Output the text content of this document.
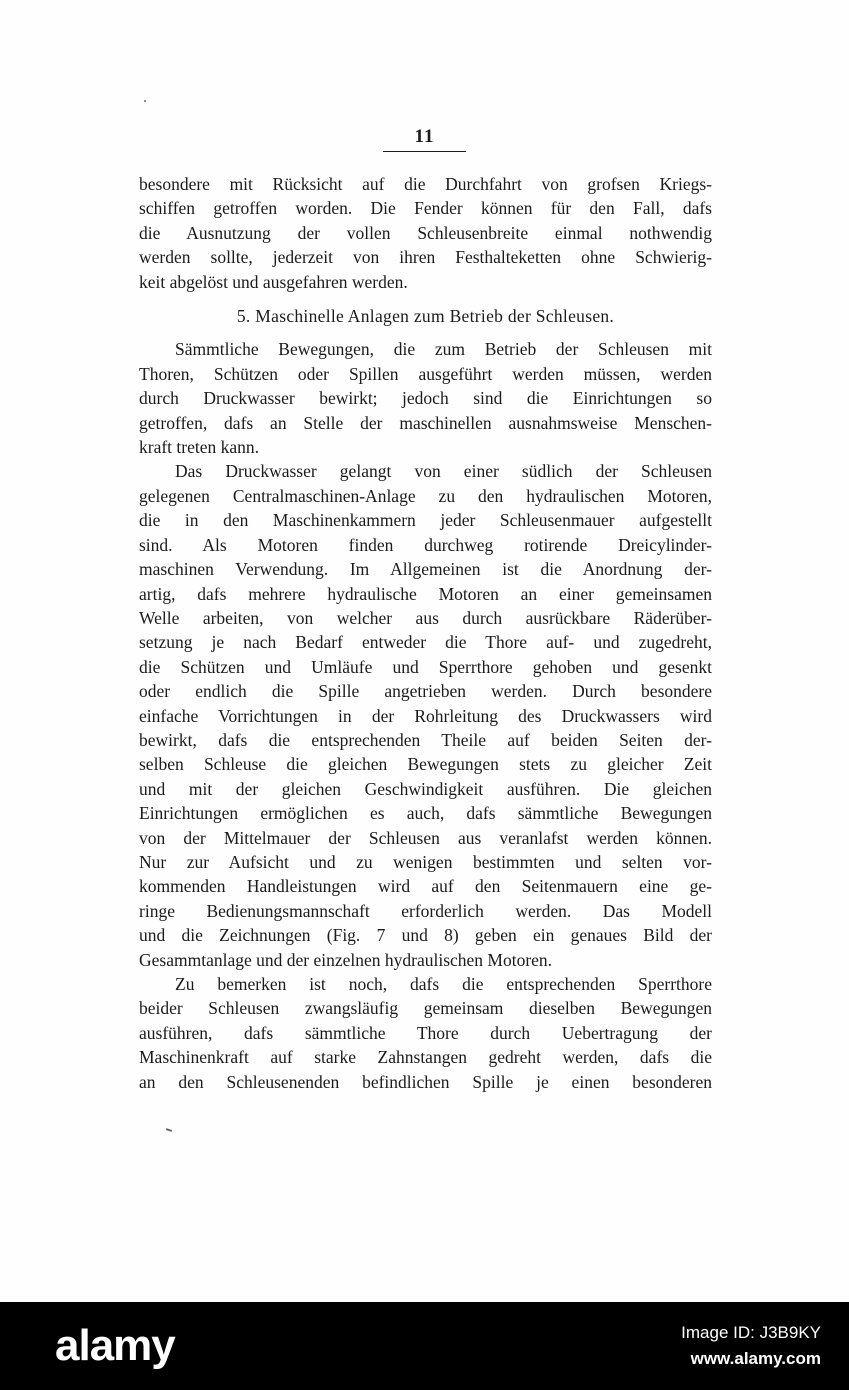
11
besondere mit Rücksicht auf die Durchfahrt von grofsen Kriegs-
schiffen getroffen worden. Die Fender können für den Fall, dafs
die Ausnutzung der vollen Schleusenbreite einmal nothwendig
werden sollte, jederzeit von ihren Festhalteketten ohne Schwierig-
keit abgelöst und ausgefahren werden.
5. Maschinelle Anlagen zum Betrieb der Schleusen.
Sämmtliche Bewegungen, die zum Betrieb der Schleusen mit
Thoren, Schützen oder Spillen ausgeführt werden müssen, werden
durch Druckwasser bewirkt; jedoch sind die Einrichtungen so
getroffen, dafs an Stelle der maschinellen ausnahmsweise Menschen-
kraft treten kann.
Das Druckwasser gelangt von einer südlich der Schleusen
gelegenen Centralmaschinen-Anlage zu den hydraulischen Motoren,
die in den Maschinenkammern jeder Schleusenmauer aufgestellt
sind. Als Motoren finden durchweg rotirende Dreicylinder-
maschinen Verwendung. Im Allgemeinen ist die Anordnung der-
artig, dafs mehrere hydraulische Motoren an einer gemeinsamen
Welle arbeiten, von welcher aus durch ausrückbare Räderüber-
setzung je nach Bedarf entweder die Thore auf- und zugedreht,
die Schützen und Umläufe und Sperrthore gehoben und gesenkt
oder endlich die Spille angetrieben werden. Durch besondere
einfache Vorrichtungen in der Rohrleitung des Druckwassers wird
bewirkt, dafs die entsprechenden Theile auf beiden Seiten der-
selben Schleuse die gleichen Bewegungen stets zu gleicher Zeit
und mit der gleichen Geschwindigkeit ausführen. Die gleichen
Einrichtungen ermöglichen es auch, dafs sämmtliche Bewegungen
von der Mittelmauer der Schleusen aus veranlafst werden können.
Nur zur Aufsicht und zu wenigen bestimmten und selten vor-
kommenden Handleistungen wird auf den Seitenmauern eine ge-
ringe Bedienungsmannschaft erforderlich werden. Das Modell
und die Zeichnungen (Fig. 7 und 8) geben ein genaues Bild der
Gesammtanlage und der einzelnen hydraulischen Motoren.
Zu bemerken ist noch, dafs die entsprechenden Sperrthore
beider Schleusen zwangsläufig gemeinsam dieselben Bewegungen
ausführen, dafs sämmtliche Thore durch Uebertragung der
Maschinenkraft auf starke Zahnstangen gedreht werden, dafs die
an den Schleusenenden befindlichen Spille je einen besonderen
alamy	Image ID: J3B9KY
www.alamy.com
